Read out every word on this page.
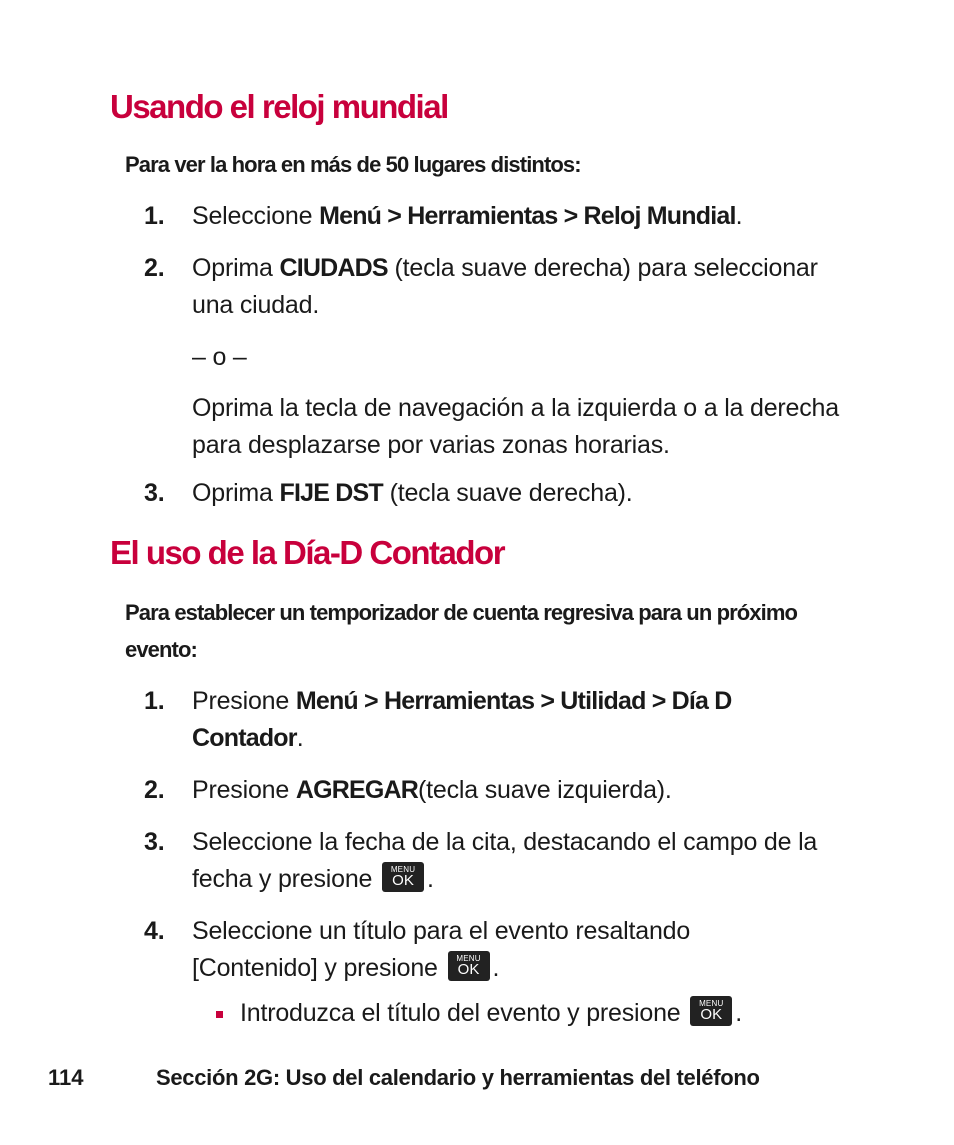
Usando el reloj mundial

Para ver la hora en más de 50 lugares distintos:

1. Seleccione Menú > Herramientas > Reloj Mundial.
2. Oprima CIUDADS (tecla suave derecha) para seleccionar una ciudad.
– o –
Oprima la tecla de navegación a la izquierda o a la derecha para desplazarse por varias zonas horarias.
3. Oprima FIJE DST (tecla suave derecha).
El uso de la Día-D Contador

Para establecer un temporizador de cuenta regresiva para un próximo evento:

1. Presione Menú > Herramientas > Utilidad > Día D Contador.
2. Presione AGREGAR(tecla suave izquierda).
3. Seleccione la fecha de la cita, destacando el campo de la fecha y presione	MENU
OK .
4. Seleccione un título para el evento resaltando [Contenido] y presione	MENU
OK .
Introduzca el título del evento y presione	MENU
OK .
114	Sección 2G: Uso del calendario y herramientas del teléfono
